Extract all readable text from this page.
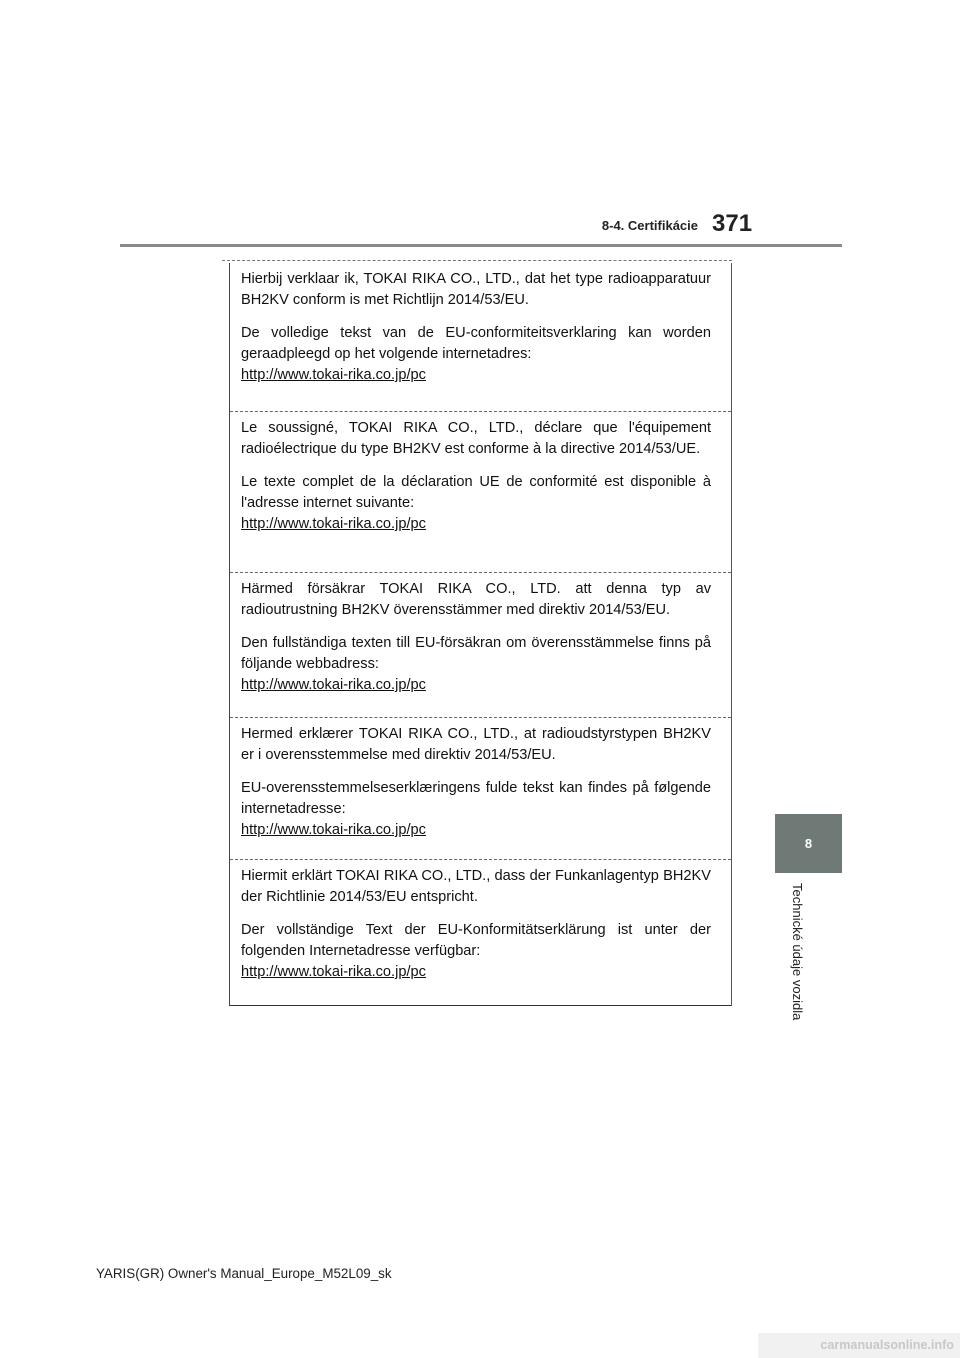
8-4. Certifikácie 371
8
Technické údaje vozidla

Hierbij verklaar ik, TOKAI RIKA CO., LTD., dat het type radioapparatuur BH2KV conform is met Richtlijn 2014/53/EU.

De volledige tekst van de EU-conformiteitsverklaring kan worden geraadpleegd op het volgende internetadres:
http://www.tokai-rika.co.jp/pc

Le soussigné, TOKAI RIKA CO., LTD., déclare que l'équipement radioélectrique du type BH2KV est conforme à la directive 2014/53/UE.

Le texte complet de la déclaration UE de conformité est disponible à l'adresse internet suivante:
http://www.tokai-rika.co.jp/pc

Härmed försäkrar TOKAI RIKA CO., LTD. att denna typ av radioutrustning BH2KV överensstämmer med direktiv 2014/53/EU.

Den fullständiga texten till EU-försäkran om överensstämmelse finns på följande webbadress:
http://www.tokai-rika.co.jp/pc

Hermed erklærer TOKAI RIKA CO., LTD., at radioudstyrstypen BH2KV er i overensstemmelse med direktiv 2014/53/EU.

EU-overensstemmelseserklæringens fulde tekst kan findes på følgende internetadresse:
http://www.tokai-rika.co.jp/pc

Hiermit erklärt TOKAI RIKA CO., LTD., dass der Funkanlagentyp BH2KV der Richtlinie 2014/53/EU entspricht.

Der vollständige Text der EU-Konformitätserklärung ist unter der folgenden Internetadresse verfügbar:
http://www.tokai-rika.co.jp/pc

YARIS(GR) Owner's Manual_Europe_M52L09_sk
carmanualsonline.info
